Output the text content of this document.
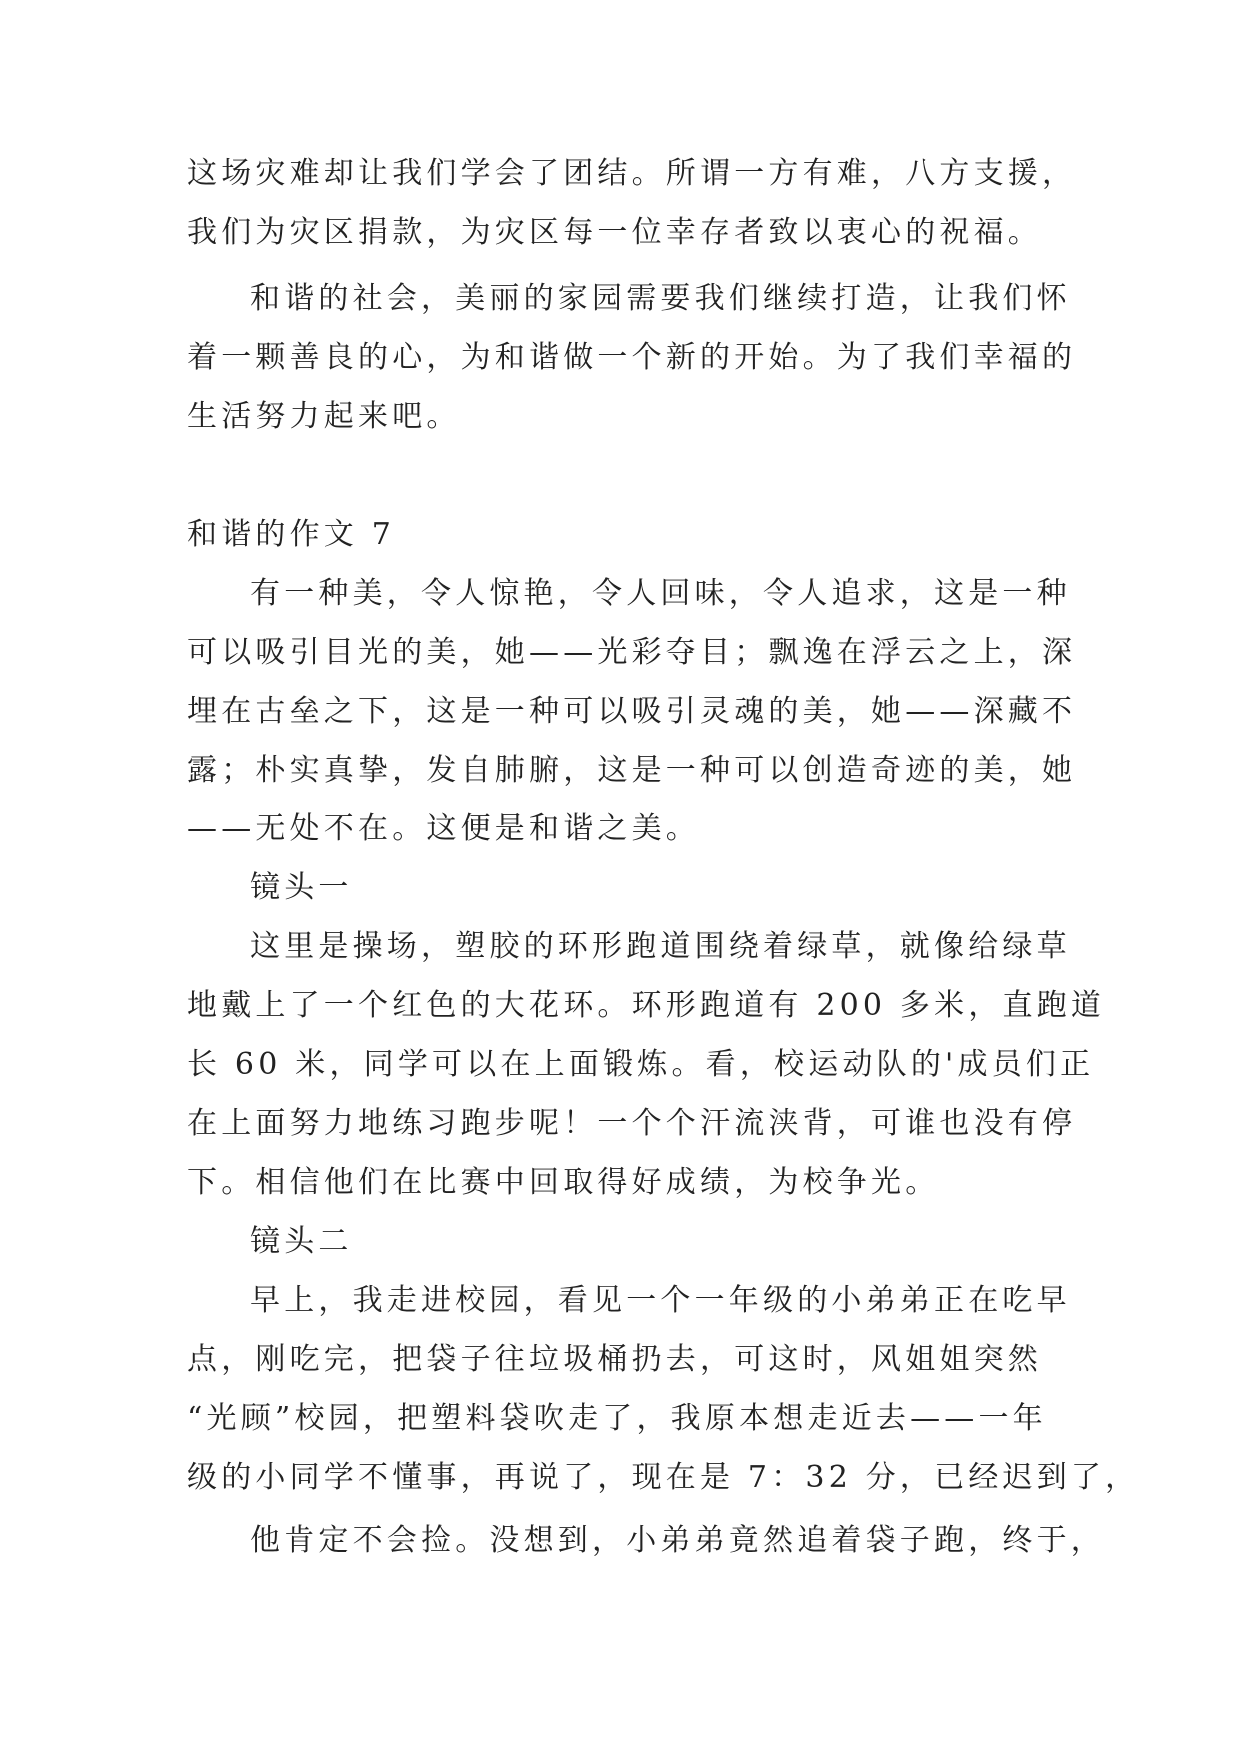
这场灾难却让我们学会了团结。所谓一方有难，八方支援，
我们为灾区捐款，为灾区每一位幸存者致以衷心的祝福。
和谐的社会，美丽的家园需要我们继续打造，让我们怀
着一颗善良的心，为和谐做一个新的开始。为了我们幸福的
生活努力起来吧。
和谐的作文 7
有一种美，令人惊艳，令人回味，令人追求，这是一种
可以吸引目光的美，她——光彩夺目；飘逸在浮云之上，深
埋在古垒之下，这是一种可以吸引灵魂的美，她——深藏不
露；朴实真挚，发自肺腑，这是一种可以创造奇迹的美，她
——无处不在。这便是和谐之美。
镜头一
这里是操场，塑胶的环形跑道围绕着绿草，就像给绿草
地戴上了一个红色的大花环。环形跑道有 200 多米，直跑道
长 60 米，同学可以在上面锻炼。看，校运动队的'成员们正
在上面努力地练习跑步呢！一个个汗流浃背，可谁也没有停
下。相信他们在比赛中回取得好成绩，为校争光。
镜头二
早上，我走进校园，看见一个一年级的小弟弟正在吃早
点，刚吃完，把袋子往垃圾桶扔去，可这时，风姐姐突然
“光顾”校园，把塑料袋吹走了，我原本想走近去——一年
级的小同学不懂事，再说了，现在是 7：32 分，已经迟到了，
他肯定不会捡。没想到，小弟弟竟然追着袋子跑，终于，
